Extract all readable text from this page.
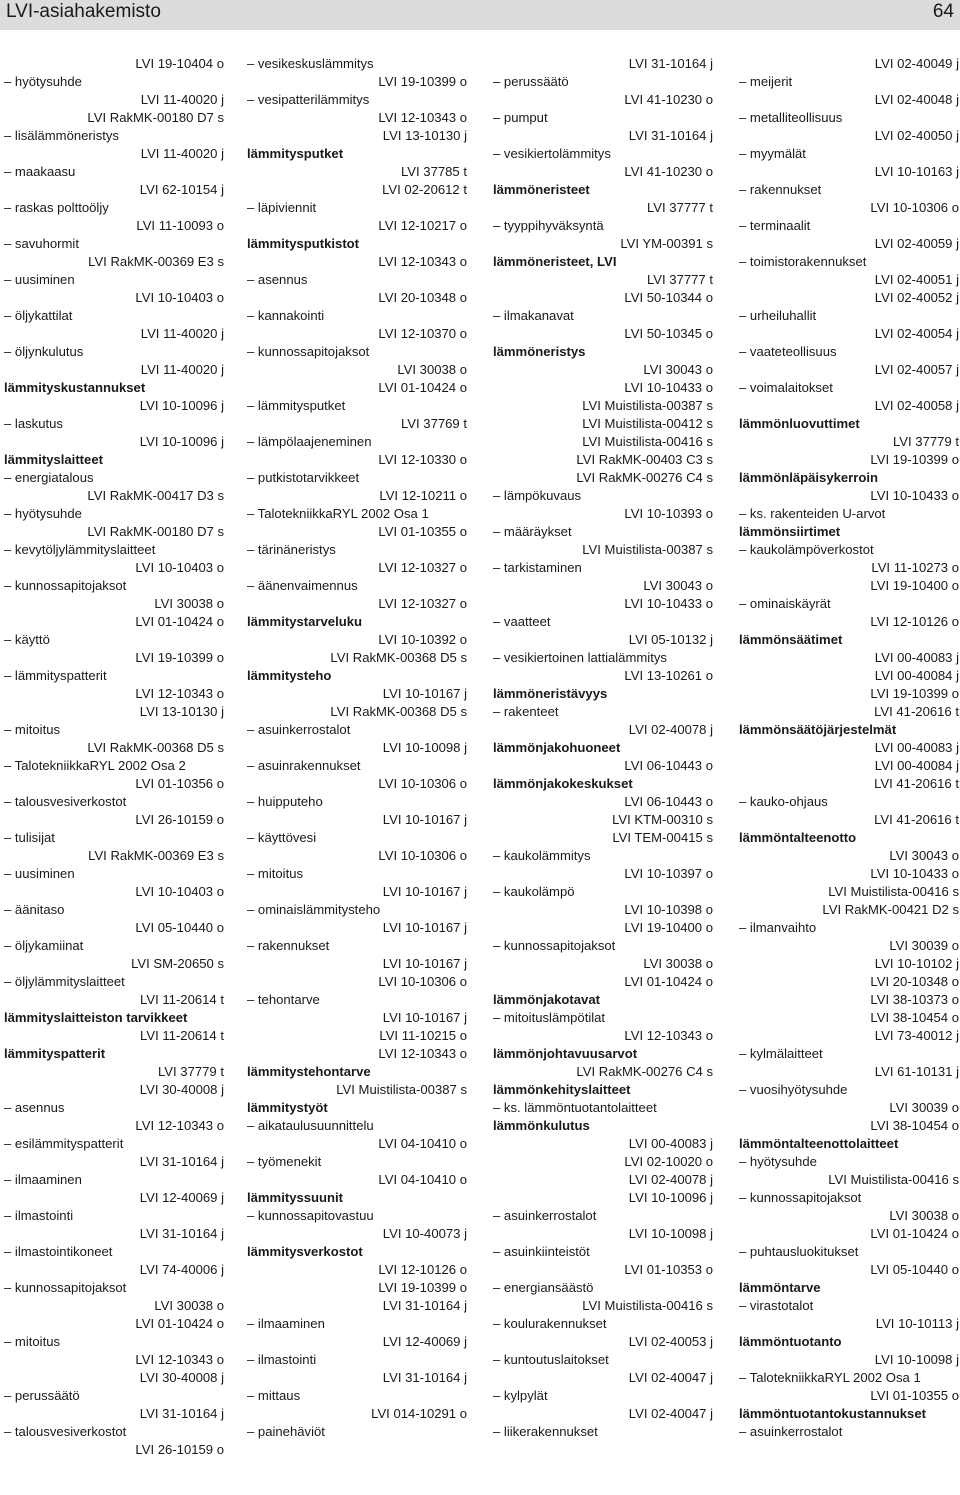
LVI-asiahakemisto	64
LVI 19-10404 o
– hyötysuhde
LVI 11-40020 j
LVI RakMK-00180 D7 s
– lisälämmöneristys
LVI 11-40020 j
– maakaasu
LVI 62-10154 j
– raskas polttoöljy
LVI 11-10093 o
– savuhormit
LVI RakMK-00369 E3 s
– uusiminen
LVI 10-10403 o
– öljykattilat
LVI 11-40020 j
– öljynkulutus
LVI 11-40020 j
lämmityskustannukset
LVI 10-10096 j
– laskutus
LVI 10-10096 j
lämmityslaitteet
– energiatalous
LVI RakMK-00417 D3 s
– hyötysuhde
LVI RakMK-00180 D7 s
– kevytöljylämmityslaitteet
LVI 10-10403 o
– kunnossapitojaksot
LVI 30038 o
LVI 01-10424 o
– käyttö
LVI 19-10399 o
– lämmityspatterit
LVI 12-10343 o
LVI 13-10130 j
– mitoitus
LVI RakMK-00368 D5 s
– TalotekniikkaRYL 2002 Osa 2
LVI 01-10356 o
– talousvesiverkostot
LVI 26-10159 o
– tulisijat
LVI RakMK-00369 E3 s
– uusiminen
LVI 10-10403 o
– äänitaso
LVI 05-10440 o
– öljykamiinat
LVI SM-20650 s
– öljylämmityslaitteet
LVI 11-20614 t
lämmityslaitteiston tarvikkeet
LVI 11-20614 t
lämmityspatterit
LVI 37779 t
LVI 30-40008 j
– asennus
LVI 12-10343 o
– esilämmityspatterit
LVI 31-10164 j
– ilmaaminen
LVI 12-40069 j
– ilmastointi
LVI 31-10164 j
– ilmastointikoneet
LVI 74-40006 j
– kunnossapitojaksot
LVI 30038 o
LVI 01-10424 o
– mitoitus
LVI 12-10343 o
LVI 30-40008 j
– perussäätö
LVI 31-10164 j
– talousvesiverkostot
LVI 26-10159 o
– vesikeskuslämmitys
LVI 19-10399 o
– vesipatterilämmitys
LVI 12-10343 o
LVI 13-10130 j
lämmitysputket
LVI 37785 t
LVI 02-20612 t
– läpiviennit
LVI 12-10217 o
lämmitysputkistot
LVI 12-10343 o
– asennus
LVI 20-10348 o
– kannakointi
LVI 12-10370 o
– kunnossapitojaksot
LVI 30038 o
LVI 01-10424 o
– lämmitysputket
LVI 37769 t
– lämpölaajeneminen
LVI 12-10330 o
– putkistotarvikkeet
LVI 12-10211 o
– TalotekniikkaRYL 2002 Osa 1
LVI 01-10355 o
– tärinäneristys
LVI 12-10327 o
– äänenvaimennus
LVI 12-10327 o
lämmitystarveluku
LVI 10-10392 o
LVI RakMK-00368 D5 s
lämmitysteho
LVI 10-10167 j
LVI RakMK-00368 D5 s
– asuinkerrostalot
LVI 10-10098 j
– asuinrakennukset
LVI 10-10306 o
– huipputeho
LVI 10-10167 j
– käyttövesi
LVI 10-10306 o
– mitoitus
LVI 10-10167 j
– ominaislämmitysteho
LVI 10-10167 j
– rakennukset
LVI 10-10167 j
LVI 10-10306 o
– tehontarve
LVI 10-10167 j
LVI 11-10215 o
LVI 12-10343 o
lämmitystehontarve
LVI Muistilista-00387 s
lämmitystyöt
– aikataulusuunnittelu
LVI 04-10410 o
– työmenekit
LVI 04-10410 o
lämmityssuunit
– kunnossapitovastuu
LVI 10-40073 j
lämmitysverkostot
LVI 12-10126 o
LVI 19-10399 o
LVI 31-10164 j
– ilmaaminen
LVI 12-40069 j
– ilmastointi
LVI 31-10164 j
– mittaus
LVI 014-10291 o
– painehäviöt
LVI 31-10164 j
– perussäätö
LVI 41-10230 o
– pumput
LVI 31-10164 j
– vesikiertolämmitys
LVI 41-10230 o
lämmöneristeet
LVI 37777 t
– tyyppihyväksyntä
LVI YM-00391 s
lämmöneristeet, LVI
LVI 37777 t
LVI 50-10344 o
– ilmakanavat
LVI 50-10345 o
lämmöneristys
LVI 30043 o
LVI 10-10433 o
LVI Muistilista-00387 s
LVI Muistilista-00412 s
LVI Muistilista-00416 s
LVI RakMK-00403 C3 s
LVI RakMK-00276 C4 s
– lämpökuvaus
LVI 10-10393 o
– määräykset
LVI Muistilista-00387 s
– tarkistaminen
LVI 30043 o
LVI 10-10433 o
– vaatteet
LVI 05-10132 j
– vesikiertoinen lattialämmitys
LVI 13-10261 o
lämmöneristävyys
– rakenteet
LVI 02-40078 j
lämmönjakohuoneet
LVI 06-10443 o
lämmönjakokeskukset
LVI 06-10443 o
LVI KTM-00310 s
LVI TEM-00415 s
– kaukolämmitys
LVI 10-10397 o
– kaukolämpö
LVI 10-10398 o
LVI 19-10400 o
– kunnossapitojaksot
LVI 30038 o
LVI 01-10424 o
lämmönjakotavat
– mitoituslämpötilat
LVI 12-10343 o
lämmönjohtavuusarvot
LVI RakMK-00276 C4 s
lämmönkehityslaitteet
– ks. lämmöntuotantolaitteet
lämmönkulutus
LVI 00-40083 j
LVI 02-10020 o
LVI 02-40078 j
LVI 10-10096 j
– asuinkerrostalot
LVI 10-10098 j
– asuinkiinteistöt
LVI 01-10353 o
– energiansäästö
LVI Muistilista-00416 s
– koulurakennukset
LVI 02-40053 j
– kuntoutuslaitokset
LVI 02-40047 j
– kylpylät
LVI 02-40047 j
– liikerakennukset
LVI 02-40049 j
– meijerit
LVI 02-40048 j
– metalliteollisuus
LVI 02-40050 j
– myymälät
LVI 10-10163 j
– rakennukset
LVI 10-10306 o
– terminaalit
LVI 02-40059 j
– toimistorakennukset
LVI 02-40051 j
LVI 02-40052 j
– urheiluhallit
LVI 02-40054 j
– vaateteollisuus
LVI 02-40057 j
– voimalaitokset
LVI 02-40058 j
lämmönluovuttimet
LVI 37779 t
LVI 19-10399 o
lämmönläpäisykerroin
LVI 10-10433 o
– ks. rakenteiden U-arvot
lämmönsiirtimet
– kaukolämpöverkostot
LVI 11-10273 o
LVI 19-10400 o
– ominaiskäyrät
LVI 12-10126 o
lämmönsäätimet
LVI 00-40083 j
LVI 00-40084 j
LVI 19-10399 o
LVI 41-20616 t
lämmönsäätöjärjestelmät
LVI 00-40083 j
LVI 00-40084 j
LVI 41-20616 t
– kauko-ohjaus
LVI 41-20616 t
lämmöntalteenotto
LVI 30043 o
LVI 10-10433 o
LVI Muistilista-00416 s
LVI RakMK-00421 D2 s
– ilmanvaihto
LVI 30039 o
LVI 10-10102 j
LVI 20-10348 o
LVI 38-10373 o
LVI 38-10454 o
LVI 73-40012 j
– kylmälaitteet
LVI 61-10131 j
– vuosihyötysuhde
LVI 30039 o
LVI 38-10454 o
lämmöntalteenottolaitteet
– hyötysuhde
LVI Muistilista-00416 s
– kunnossapitojaksot
LVI 30038 o
LVI 01-10424 o
– puhtausluokitukset
LVI 05-10440 o
lämmöntarve
– virastotalot
LVI 10-10113 j
lämmöntuotanto
LVI 10-10098 j
– TalotekniikkaRYL 2002 Osa 1
LVI 01-10355 o
lämmöntuotantokustannukset
– asuinkerrostalot
